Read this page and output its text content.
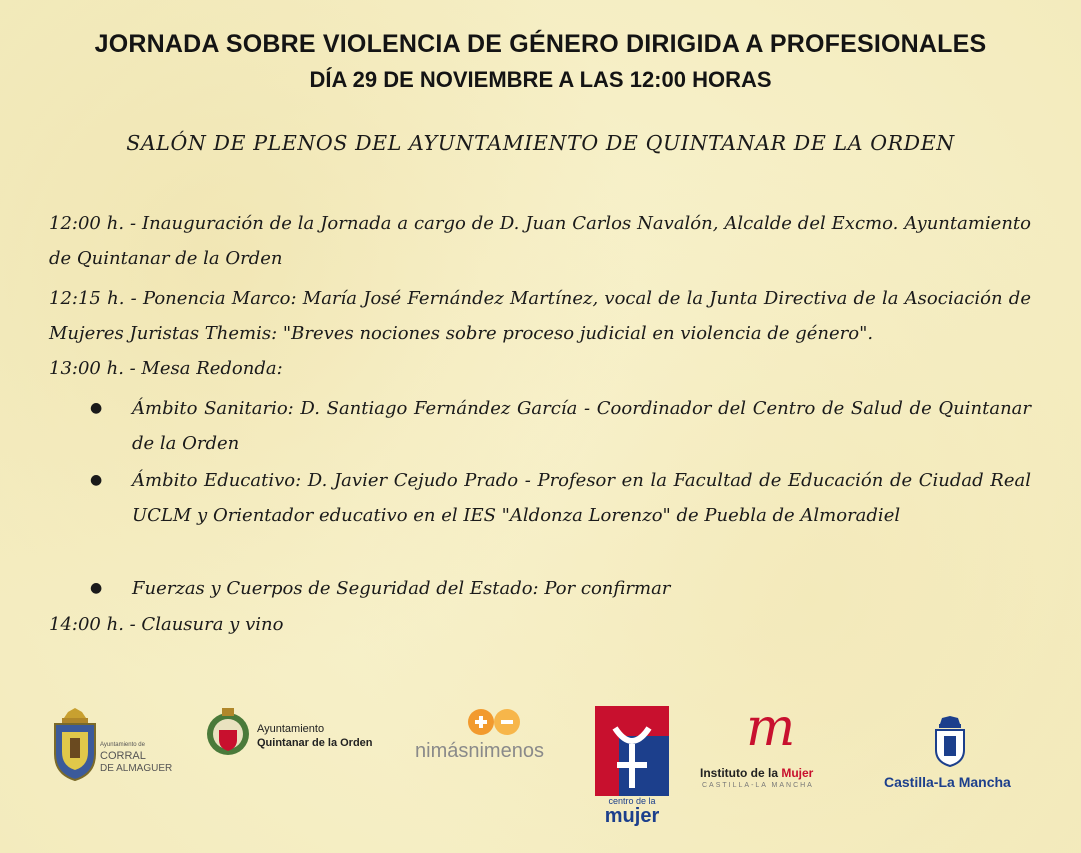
JORNADA SOBRE VIOLENCIA DE GÉNERO DIRIGIDA A PROFESIONALES
DÍA 29 DE NOVIEMBRE A LAS 12:00 HORAS
SALÓN DE PLENOS DEL AYUNTAMIENTO DE QUINTANAR DE LA ORDEN
12:00 h. - Inauguración de la Jornada a cargo de D. Juan Carlos Navalón, Alcalde del Excmo. Ayuntamiento de Quintanar de la Orden
12:15 h. - Ponencia Marco: María José Fernández Martínez, vocal de la Junta Directiva de la Asociación de Mujeres Juristas Themis: "Breves nociones sobre proceso judicial en violencia de género".
13:00 h. - Mesa Redonda:
● Ámbito Sanitario: D. Santiago Fernández García - Coordinador del Centro de Salud de Quintanar de la Orden
● Ámbito Educativo: D. Javier Cejudo Prado - Profesor en la Facultad de Educación de Ciudad Real UCLM y Orientador educativo en el IES "Aldonza Lorenzo" de Puebla de Almoradiel
● Fuerzas y Cuerpos de Seguridad del Estado: Por confirmar
14:00 h. - Clausura y vino
Ayuntamiento de
CORRAL
DE ALMAGUER
Ayuntamiento
Quintanar de la Orden nimásnimenos
centro de la
mujer
m
Instituto de la Mujer
CASTILLA-LA MANCHA	Castilla-La Mancha
